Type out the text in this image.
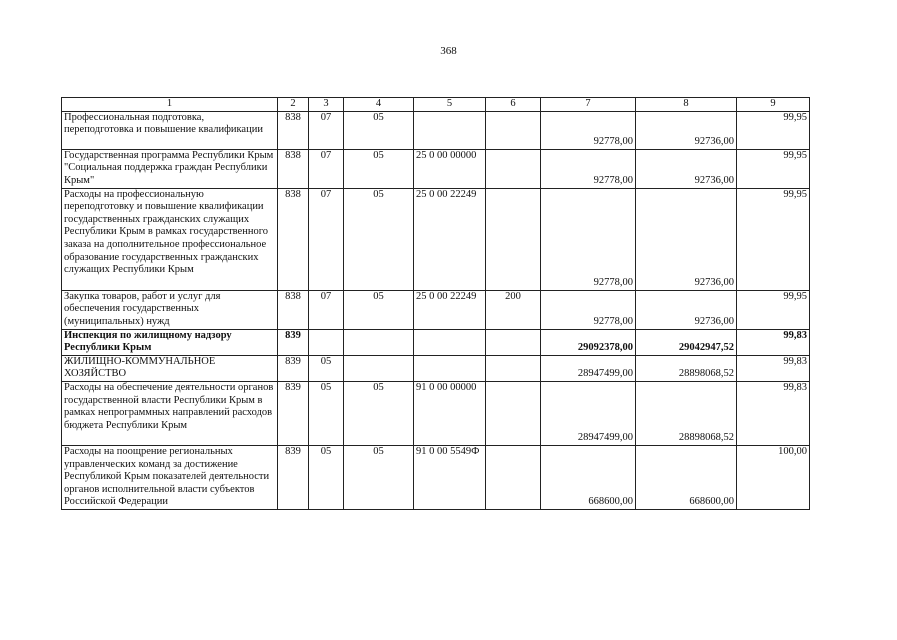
368
1	2	3	4	5	6	7	8	9
Профессиональная подготовка, переподготовка и повышение квалификации	838	07	05			92778,00	92736,00	99,95
Государственная программа Республики Крым "Социальная поддержка граждан Республики Крым"	838	07	05	25 0 00 00000		92778,00	92736,00	99,95
Расходы на профессиональную переподготовку и повышение квалификации государственных гражданских служащих Республики Крым в рамках государственного заказа на дополнительное профессиональное образование государственных гражданских служащих Республики Крым	838	07	05	25 0 00 22249		92778,00	92736,00	99,95
Закупка товаров, работ и услуг для обеспечения государственных (муниципальных) нужд	838	07	05	25 0 00 22249	200	92778,00	92736,00	99,95
Инспекция по жилищному надзору Республики Крым	839					29092378,00	29042947,52	99,83
ЖИЛИЩНО-КОММУНАЛЬНОЕ ХОЗЯЙСТВО	839	05				28947499,00	28898068,52	99,83
Расходы на обеспечение деятельности органов государственной власти Республики Крым в рамках непрограммных направлений расходов бюджета Республики Крым	839	05	05	91 0 00 00000		28947499,00	28898068,52	99,83
Расходы на поощрение региональных управленческих команд за достижение Республикой Крым показателей деятельности органов исполнительной власти субъектов Российской Федерации	839	05	05	91 0 00 5549Ф		668600,00	668600,00	100,00
